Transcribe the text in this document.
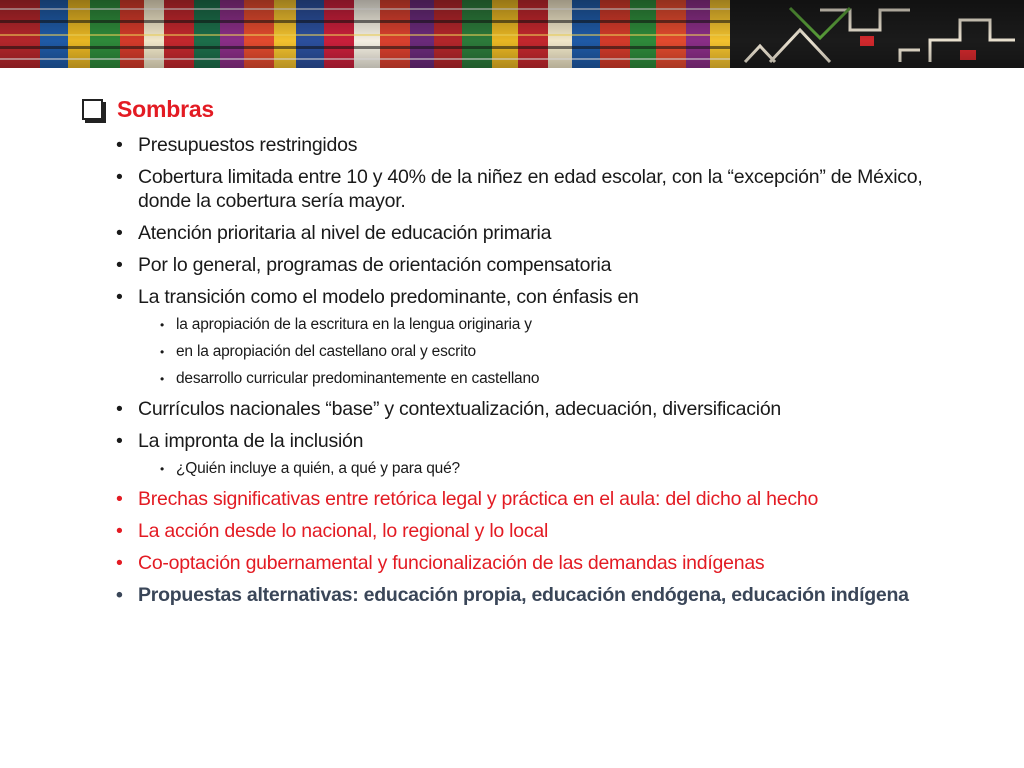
Sombras
• Presupuestos restringidos
• Cobertura limitada entre 10 y 40% de la niñez en edad escolar, con la “excepción” de México, donde la cobertura sería mayor.
• Atención prioritaria al nivel de educación primaria
• Por lo general, programas de orientación compensatoria
• La transición como el modelo predominante, con énfasis en
• la apropiación de la escritura en la lengua originaria y
• en la apropiación del castellano oral y escrito
• desarrollo curricular predominantemente en castellano
• Currículos nacionales “base” y contextualización, adecuación, diversificación
• La impronta de la inclusión
• ¿Quién incluye a quién, a qué y para qué?
• Brechas significativas entre retórica legal y práctica en el aula: del dicho al hecho
• La acción desde lo nacional, lo regional y lo local
• Co-optación gubernamental y funcionalización de las demandas indígenas
• Propuestas alternativas: educación propia, educación endógena, educación indígena
